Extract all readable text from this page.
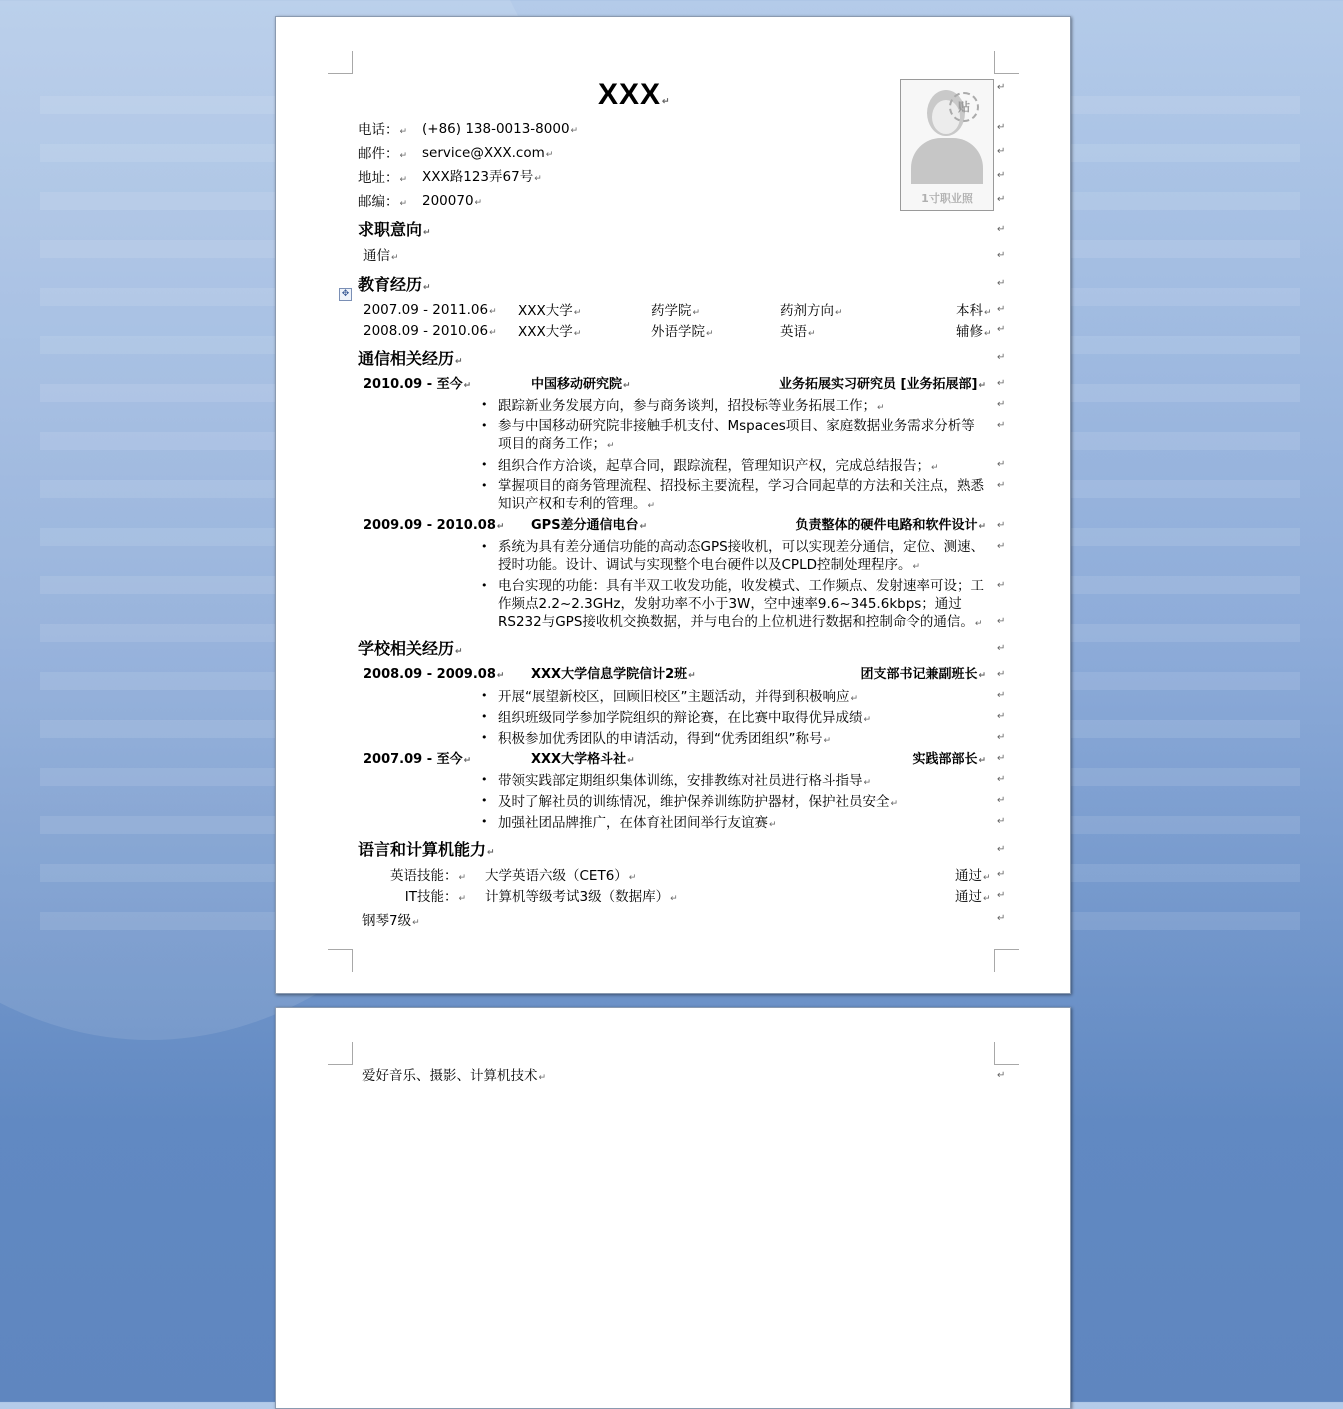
XXX↵
电话：↵ (+86) 138-0013-8000↵
邮件：↵ service@XXX.com↵
地址：↵ XXX路123弄67号↵
邮编：↵ 200070↵
贴
1寸职业照
↵
↵
↵
↵
↵
↵
↵
↵
↵
↵
↵
↵
↵
↵
↵
↵
↵
↵
↵
↵
↵
↵
↵
↵
↵
↵
↵
↵
↵
↵
↵
↵
↵
求职意向↵
通信↵
教育经历↵
✥
2007.09 - 2011.06↵ XXX大学↵	药学院↵	药剂方向↵	本科↵
2008.09 - 2010.06↵ XXX大学↵	外语学院↵	英语↵	辅修↵
通信相关经历↵
2010.09 - 至今↵	中国移动研究院↵	业务拓展实习研究员 [业务拓展部]↵
• 跟踪新业务发展方向，参与商务谈判，招投标等业务拓展工作；↵
• 参与中国移动研究院非接触手机支付、Mspaces项目、家庭数据业务需求分析等项目的商务工作；↵
• 组织合作方洽谈，起草合同，跟踪流程，管理知识产权，完成总结报告；↵
• 掌握项目的商务管理流程、招投标主要流程，学习合同起草的方法和关注点，熟悉知识产权和专利的管理。↵
2009.09 - 2010.08↵ GPS差分通信电台↵	负责整体的硬件电路和软件设计↵
• 系统为具有差分通信功能的高动态GPS接收机，可以实现差分通信，定位、测速、授时功能。设计、调试与实现整个电台硬件以及CPLD控制处理程序。↵
• 电台实现的功能：具有半双工收发功能，收发模式、工作频点、发射速率可设；工作频点2.2~2.3GHz，发射功率不小于3W，空中速率9.6~345.6kbps；通过RS232与GPS接收机交换数据，并与电台的上位机进行数据和控制命令的通信。↵
学校相关经历↵
2008.09 - 2009.08↵ XXX大学信息学院信计2班↵	团支部书记兼副班长↵
• 开展“展望新校区，回顾旧校区”主题活动，并得到积极响应↵
• 组织班级同学参加学院组织的辩论赛，在比赛中取得优异成绩↵
• 积极参加优秀团队的申请活动，得到“优秀团组织”称号↵
2007.09 - 至今↵	XXX大学格斗社↵	实践部部长↵
• 带领实践部定期组织集体训练，安排教练对社员进行格斗指导↵
• 及时了解社员的训练情况，维护保养训练防护器材，保护社员安全↵
• 加强社团品牌推广，在体育社团间举行友谊赛↵
语言和计算机能力↵
英语技能：↵ 大学英语六级（CET6）↵	通过↵
IT技能：↵ 计算机等级考试3级（数据库）↵	通过↵
钢琴7级↵
爱好音乐、摄影、计算机技术↵	↵
